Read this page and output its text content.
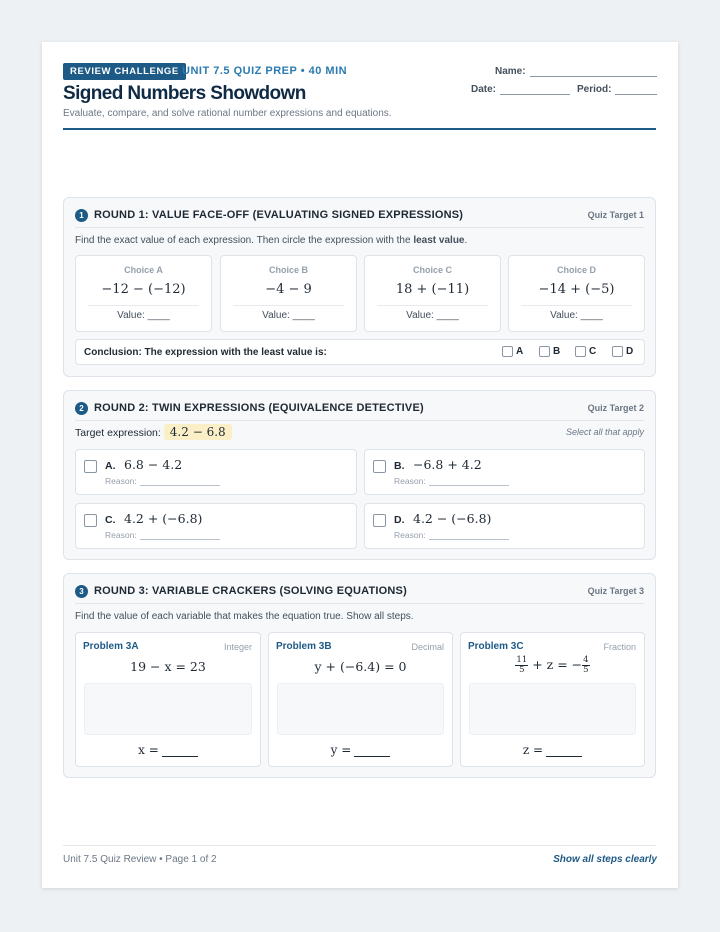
REVIEW CHALLENGE UNIT 7.5 QUIZ PREP • 40 MIN
Signed Numbers Showdown
Evaluate, compare, and solve rational number expressions and equations.
Name:
Date:	Period:
1 ROUND 1: VALUE FACE-OFF (EVALUATING SIGNED EXPRESSIONS)	Quiz Target 1
Find the exact value of each expression. Then circle the expression with the least value.
Choice A
−12 − (−12)
Value: ____
Choice B
−4 − 9
Value: ____
Choice C
18 + (−11)
Value: ____
Choice D
−14 + (−5)
Value: ____
Conclusion: The expression with the least value is:	A	B	C	D
2 ROUND 2: TWIN EXPRESSIONS (EQUIVALENCE DETECTIVE)	Quiz Target 2
Target expression: 4.2 − 6.8	Select all that apply
A. 6.8 − 4.2
Reason:
B. −6.8 + 4.2
Reason:
C. 4.2 + (−6.8)
Reason:
D. 4.2 − (−6.8)
Reason:
3 ROUND 3: VARIABLE CRACKERS (SOLVING EQUATIONS)	Quiz Target 3
Find the value of each variable that makes the equation true. Show all steps.
Problem 3A	Integer
19 − x = 23
x =
Problem 3B	Decimal
y + (−6.4) = 0
y =
Problem 3C	Fraction
$\frac{11}{5} + z$ = − $\frac{4}{5}$
z =
Unit 7.5 Quiz Review • Page 1 of 2	Show all steps clearly
